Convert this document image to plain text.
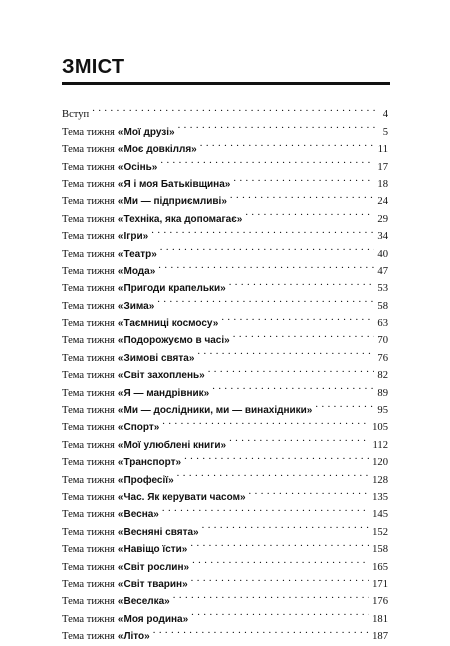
ЗМІСТ
Вступ . . .	4
Тема тижня «Мої друзі» . . .	5
Тема тижня «Моє довкілля» . . .	11
Тема тижня «Осінь» . . .	17
Тема тижня «Я і моя Батьківщина» . . .	18
Тема тижня «Ми — підприємливі» . . .	24
Тема тижня «Техніка, яка допомагає» . . .	29
Тема тижня «Ігри» . . .	34
Тема тижня «Театр» . . .	40
Тема тижня «Мода» . . .	47
Тема тижня «Пригоди крапельки» . . .	53
Тема тижня «Зима» . . .	58
Тема тижня «Таємниці космосу» . . .	63
Тема тижня «Подорожуємо в часі» . . .	70
Тема тижня «Зимові свята» . . .	76
Тема тижня «Світ захоплень» . . .	82
Тема тижня «Я — мандрівник» . . .	89
Тема тижня «Ми — дослідники, ми — винахідники» . . .	95
Тема тижня «Спорт» . . .	105
Тема тижня «Мої улюблені книги» . . .	112
Тема тижня «Транспорт» . . .	120
Тема тижня «Професії» . . .	128
Тема тижня «Час. Як керувати часом» . . .	135
Тема тижня «Весна» . . .	145
Тема тижня «Весняні свята» . . .	152
Тема тижня «Навіщо їсти» . . .	158
Тема тижня «Світ рослин» . . .	165
Тема тижня «Світ тварин» . . .	171
Тема тижня «Веселка» . . .	176
Тема тижня «Моя родина» . . .	181
Тема тижня «Літо» . . .	187
